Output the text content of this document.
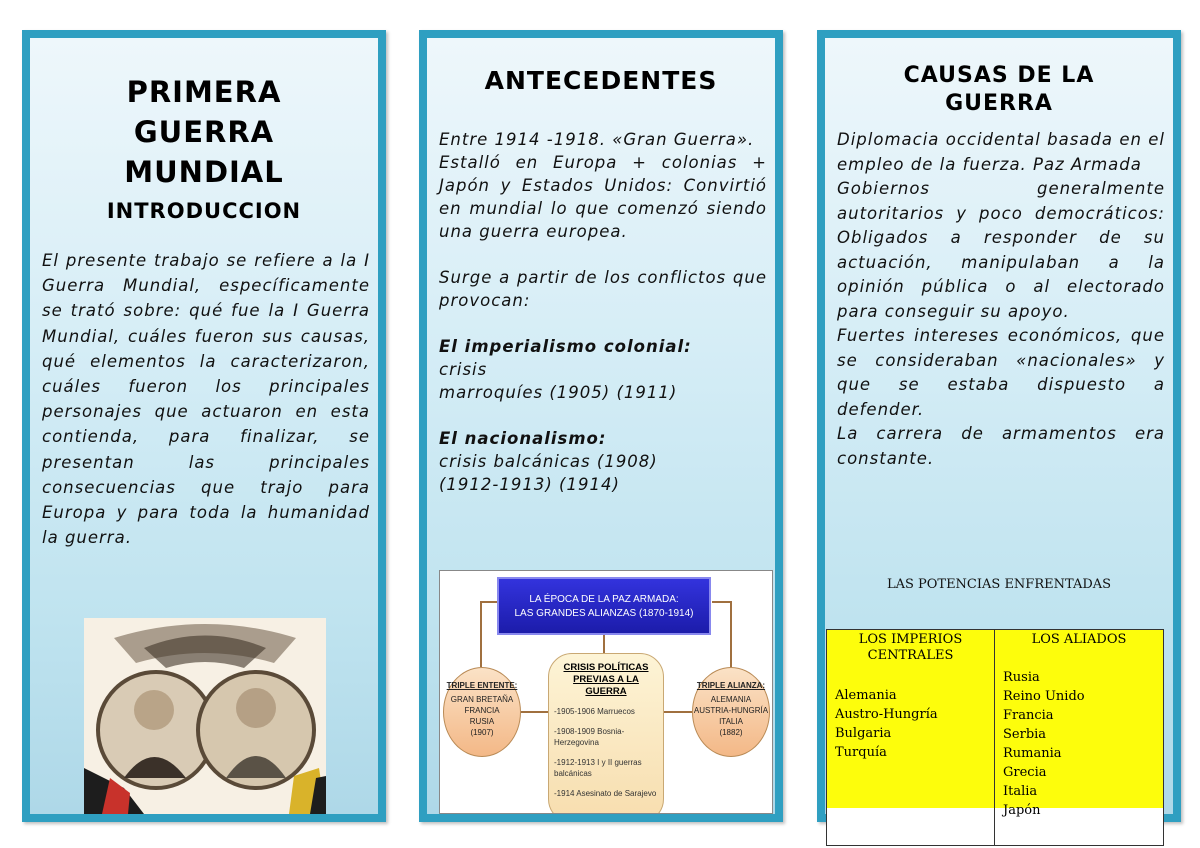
PRIMERA
GUERRA
MUNDIAL
INTRODUCCION
El presente trabajo se refiere a la I Guerra Mundial, específicamente se trató sobre: qué fue la I Guerra Mundial, cuáles fueron sus causas, qué elementos la caracterizaron, cuáles fueron los principales personajes que actuaron en esta contienda, para finalizar, se presentan las principales consecuencias que trajo para Europa y para toda la humanidad la guerra.
ANTECEDENTES
Entre 1914 -1918. «Gran Guerra».
Estalló en Europa + colonias + Japón y Estados Unidos: Convirtió en mundial lo que comenzó siendo una guerra europea.
Surge a partir de los conflictos que provocan:
El imperialismo colonial:
crisis
marroquíes (1905) (1911)
El nacionalismo:
crisis balcánicas (1908)
(1912-1913) (1914)
LA ÉPOCA DE LA PAZ ARMADA:
LAS GRANDES ALIANZAS (1870-1914)
TRIPLE ENTENTE:
GRAN BRETAÑA
FRANCIA
RUSIA
(1907)
CRISIS POLÍTICAS PREVIAS A LA GUERRA
-1905-1906 Marruecos
-1908-1909 Bosnia-Herzegovina
-1912-1913 I y II guerras balcánicas
-1914 Asesinato de Sarajevo
TRIPLE ALIANZA:
ALEMANIA
AUSTRIA-HUNGRÍA
ITALIA
(1882)
CAUSAS DE LA
GUERRA
Diplomacia occidental basada en el empleo de la fuerza. Paz Armada
Gobiernos generalmente autoritarios y poco democráticos: Obligados a responder de su actuación, manipulaban a la opinión pública o al electorado para conseguir su apoyo.
Fuertes intereses económicos, que se consideraban «nacionales» y que se estaba dispuesto a defender.
La carrera de armamentos era constante.
LAS POTENCIAS ENFRENTADAS
LOS IMPERIOS CENTRALES
Alemania
Austro-Hungría
Bulgaria
Turquía
LOS ALIADOS
Rusia
Reino Unido
Francia
Serbia
Rumania
Grecia
Italia
Japón
